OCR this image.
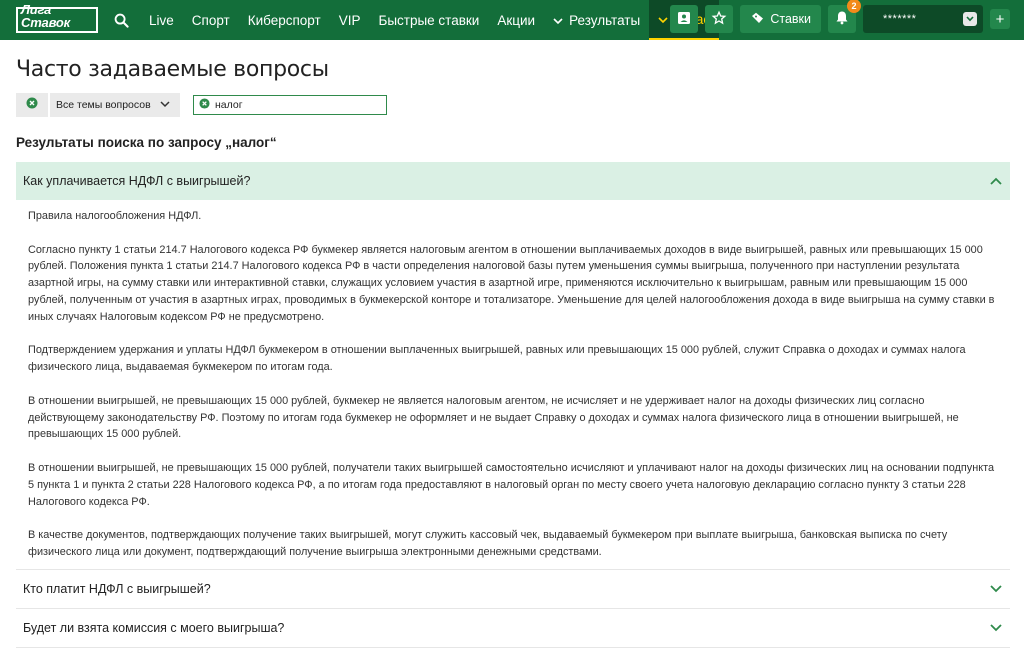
Лига Ставок	Live	Спорт	Киберспорт	VIP	Быстрые ставки	Акции	Результаты	нас	Ставки
2
*******	+
Часто задаваемые вопросы
Все темы вопросов
налог
Результаты поиска по запросу „налог“
Как уплачивается НДФЛ с выигрышей?

Правила налогообложения НДФЛ.

Согласно пункту 1 статьи 214.7 Налогового кодекса РФ букмекер является налоговым агентом в отношении выплачиваемых доходов в виде выигрышей, равных или превышающих 15 000 рублей. Положения пункта 1 статьи 214.7 Налогового кодекса РФ в части определения налоговой базы путем уменьшения суммы выигрыша, полученного при наступлении результата азартной игры, на сумму ставки или интерактивной ставки, служащих условием участия в азартной игре, применяются исключительно к выигрышам, равным или превышающим 15 000 рублей, полученным от участия в азартных играх, проводимых в букмекерской конторе и тотализаторе. Уменьшение для целей налогообложения дохода в виде выигрыша на сумму ставки в иных случаях Налоговым кодексом РФ не предусмотрено.

Подтверждением удержания и уплаты НДФЛ букмекером в отношении выплаченных выигрышей, равных или превышающих 15 000 рублей, служит Справка о доходах и суммах налога физического лица, выдаваемая букмекером по итогам года.

В отношении выигрышей, не превышающих 15 000 рублей, букмекер не является налоговым агентом, не исчисляет и не удерживает налог на доходы физических лиц согласно действующему законодательству РФ. Поэтому по итогам года букмекер не оформляет и не выдает Справку о доходах и суммах налога физического лица в отношении выигрышей, не превышающих 15 000 рублей.

В отношении выигрышей, не превышающих 15 000 рублей, получатели таких выигрышей самостоятельно исчисляют и уплачивают налог на доходы физических лиц на основании подпункта 5 пункта 1 и пункта 2 статьи 228 Налогового кодекса РФ, а по итогам года предоставляют в налоговый орган по месту своего учета налоговую декларацию согласно пункту 3 статьи 228 Налогового кодекса РФ.

В качестве документов, подтверждающих получение таких выигрышей, могут служить кассовый чек, выдаваемый букмекером при выплате выигрыша, банковская выписка по счету физического лица или документ, подтверждающий получение выигрыша электронными денежными средствами.

Кто платит НДФЛ с выигрышей?
Будет ли взята комиссия с моего выигрыша?
